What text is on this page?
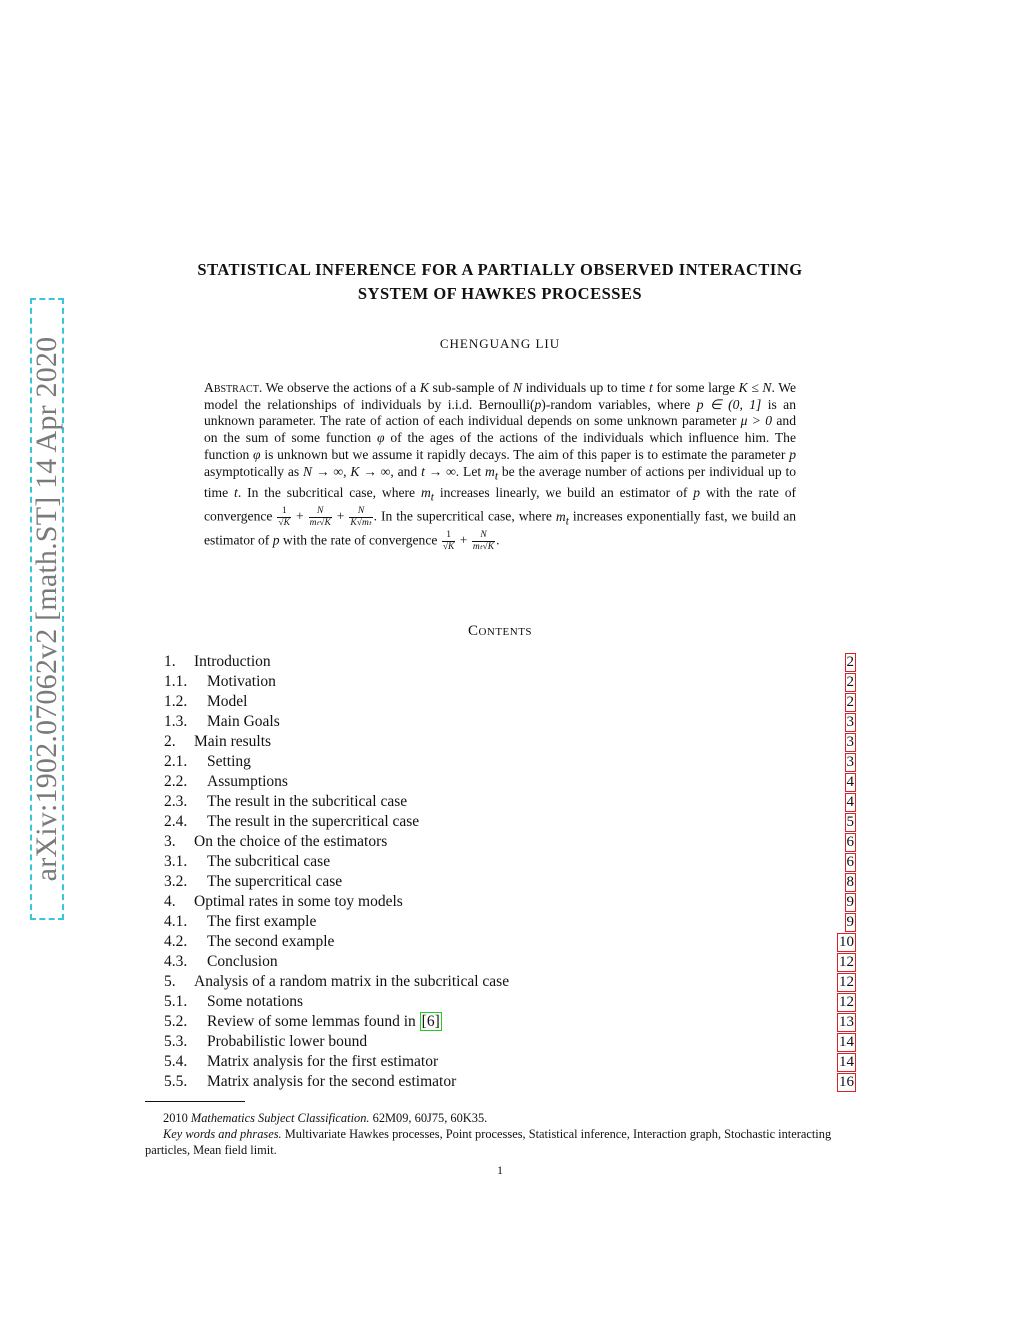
arXiv:1902.07062v2 [math.ST] 14 Apr 2020
STATISTICAL INFERENCE FOR A PARTIALLY OBSERVED INTERACTING
SYSTEM OF HAWKES PROCESSES
CHENGUANG LIU
Abstract. We observe the actions of a K sub-sample of N individuals up to time t for some large K ≤ N. We model the relationships of individuals by i.i.d. Bernoulli(p)-random variables, where p ∈ (0, 1] is an unknown parameter. The rate of action of each individual depends on some unknown parameter μ > 0 and on the sum of some function φ of the ages of the actions of the individuals which influence him. The function φ is unknown but we assume it rapidly decays. The aim of this paper is to estimate the parameter p asymptotically as N → ∞, K → ∞, and t → ∞. Let $m_t$ be the average number of actions per individual up to time t. In the subcritical case, where $m_t$ increases linearly, we build an estimator of p with the rate of convergence $\frac{1}{√K} + \frac{N}{\text{mₜ√K}} + \frac{N}{\text{K√mₜ}}$ . In the supercritical case, where $m_t$ increases exponentially fast, we build an estimator of p with the rate of convergence $\frac{1}{√K} + \frac{N}{\text{mₜ√K}}$ .
Contents
1. Introduction	2
1.1. Motivation	2
1.2. Model	2
1.3. Main Goals	3
2. Main results	3
2.1. Setting	3
2.2. Assumptions	4
2.3. The result in the subcritical case	4
2.4. The result in the supercritical case	5
3. On the choice of the estimators	6
3.1. The subcritical case	6
3.2. The supercritical case	8
4. Optimal rates in some toy models	9
4.1. The first example	9
4.2. The second example	10
4.3. Conclusion	12
5. Analysis of a random matrix in the subcritical case	12
5.1. Some notations	12
5.2. Review of some lemmas found in [6]	13
5.3. Probabilistic lower bound	14
5.4. Matrix analysis for the first estimator	14
5.5. Matrix analysis for the second estimator	16

2010 Mathematics Subject Classification. 62M09, 60J75, 60K35.

Key words and phrases. Multivariate Hawkes processes, Point processes, Statistical inference, Interaction graph, Stochastic interacting particles, Mean field limit.

1
